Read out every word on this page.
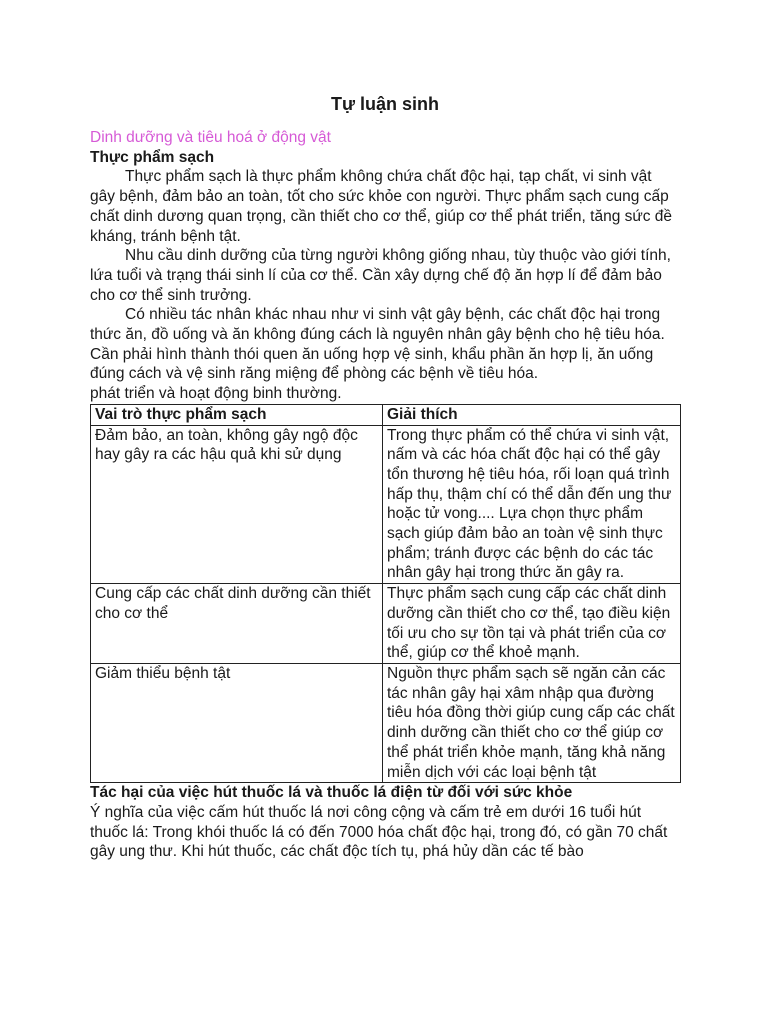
Tự luận sinh
Dinh dưỡng và tiêu hoá ở động vật
Thực phẩm sạch

Thực phẩm sạch là thực phẩm không chứa chất độc hại, tạp chất, vi sinh vật gây bệnh, đảm bảo an toàn, tốt cho sức khỏe con người. Thực phẩm sạch cung cấp chất dinh dương quan trọng, cần thiết cho cơ thể, giúp cơ thể phát triển, tăng sức đề kháng, tránh bệnh tật.

Nhu cầu dinh dưỡng của từng người không giống nhau, tùy thuộc vào giới tính, lứa tuổi và trạng thái sinh lí của cơ thể. Cần xây dựng chế độ ăn hợp lí để đảm bảo cho cơ thể sinh trưởng.

Có nhiều tác nhân khác nhau như vi sinh vật gây bệnh, các chất độc hại trong thức ăn, đồ uống và ăn không đúng cách là nguyên nhân gây bệnh cho hệ tiêu hóa. Cần phải hình thành thói quen ăn uống hợp vệ sinh, khẩu phần ăn hợp lị, ăn uống đúng cách và vệ sinh răng miệng để phòng các bệnh về tiêu hóa.

phát triển và hoạt động binh thường.

Vai trò thực phẩm sạch	Giải thích
Đảm bảo, an toàn, không gây ngộ độc hay gây ra các hậu quả khi sử dụng	Trong thực phẩm có thể chứa vi sinh vật, nấm và các hóa chất độc hại có thể gây tổn thương hệ tiêu hóa, rối loạn quá trình hấp thụ, thậm chí có thể dẫn đến ung thư hoặc tử vong.... Lựa chọn thực phẩm sạch giúp đảm bảo an toàn vệ sinh thực phẩm; tránh được các bệnh do các tác nhân gây hại trong thức ăn gây ra.
Cung cấp các chất dinh dưỡng cần thiết cho cơ thể	Thực phẩm sạch cung cấp các chất dinh dưỡng cần thiết cho cơ thể, tạo điều kiện tối ưu cho sự tồn tại và phát triển của cơ thể, giúp cơ thể khoẻ mạnh.
Giảm thiểu bệnh tật	Nguồn thực phẩm sạch sẽ ngăn cản các tác nhân gây hại xâm nhập qua đường tiêu hóa đồng thời giúp cung cấp các chất dinh dưỡng cần thiết cho cơ thể giúp cơ thể phát triển khỏe mạnh, tăng khả năng miễn dịch với các loại bệnh tật
Tác hại của việc hút thuốc lá và thuốc lá điện từ đối với sức khỏe

Ý nghĩa của việc cấm hút thuốc lá nơi công cộng và cấm trẻ em dưới 16 tuổi hút thuốc lá: Trong khói thuốc lá có đến 7000 hóa chất độc hại, trong đó, có gần 70 chất gây ung thư. Khi hút thuốc, các chất độc tích tụ, phá hủy dần các tế bào
